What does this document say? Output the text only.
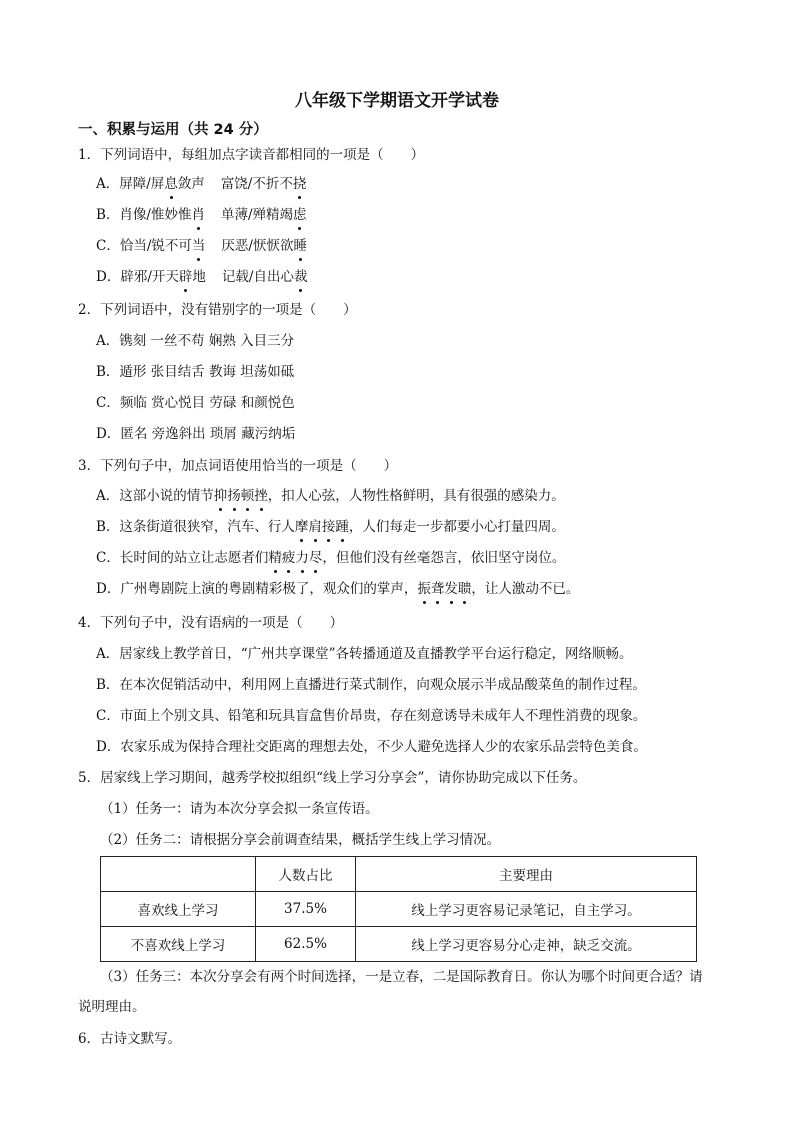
八年级下学期语文开学试卷
一、积累与运用（共 24 分）
1．下列词语中，每组加点字读音都相同的一项是（　　）
A．屏障/屏息敛声 富饶/不折不挠
B．肖像/惟妙惟肖 单薄/殚精竭虑
C．恰当/锐不可当 厌恶/恹恹欲睡
D．辟邪/开天辟地 记载/自出心裁
2．下列词语中，没有错别字的一项是（　　）
A．镌刻 一丝不苟 娴熟 入目三分
B．遁形 张目结舌 教诲 坦荡如砥
C．频临 赏心悦目 劳碌 和颜悦色
D．匿名 旁逸斜出 琐屑 藏污纳垢
3．下列句子中，加点词语使用恰当的一项是（　　）
A．这部小说的情节抑扬顿挫，扣人心弦，人物性格鲜明，具有很强的感染力。
B．这条街道很狭窄，汽车、行人摩肩接踵，人们每走一步都要小心打量四周。
C．长时间的站立让志愿者们精疲力尽，但他们没有丝毫怨言，依旧坚守岗位。
D．广州粤剧院上演的粤剧精彩极了，观众们的掌声，振聋发聩，让人激动不已。
4．下列句子中，没有语病的一项是（　　）
A．居家线上教学首日，“广州共享课堂”各转播通道及直播教学平台运行稳定，网络顺畅。
B．在本次促销活动中，利用网上直播进行菜式制作，向观众展示半成品酸菜鱼的制作过程。
C．市面上个别文具、铅笔和玩具盲盒售价昂贵，存在刻意诱导未成年人不理性消费的现象。
D．农家乐成为保持合理社交距离的理想去处，不少人避免选择人少的农家乐品尝特色美食。
5．居家线上学习期间，越秀学校拟组织“线上学习分享会”，请你协助完成以下任务。
（1）任务一：请为本次分享会拟一条宣传语。
（2）任务二：请根据分享会前调查结果，概括学生线上学习情况。
	人数占比	主要理由
喜欢线上学习	37.5%	线上学习更容易记录笔记，自主学习。
不喜欢线上学习	62.5%	线上学习更容易分心走神，缺乏交流。
（3）任务三：本次分享会有两个时间选择，一是立春，二是国际教育日。你认为哪个时间更合适？请
说明理由。
6．古诗文默写。
